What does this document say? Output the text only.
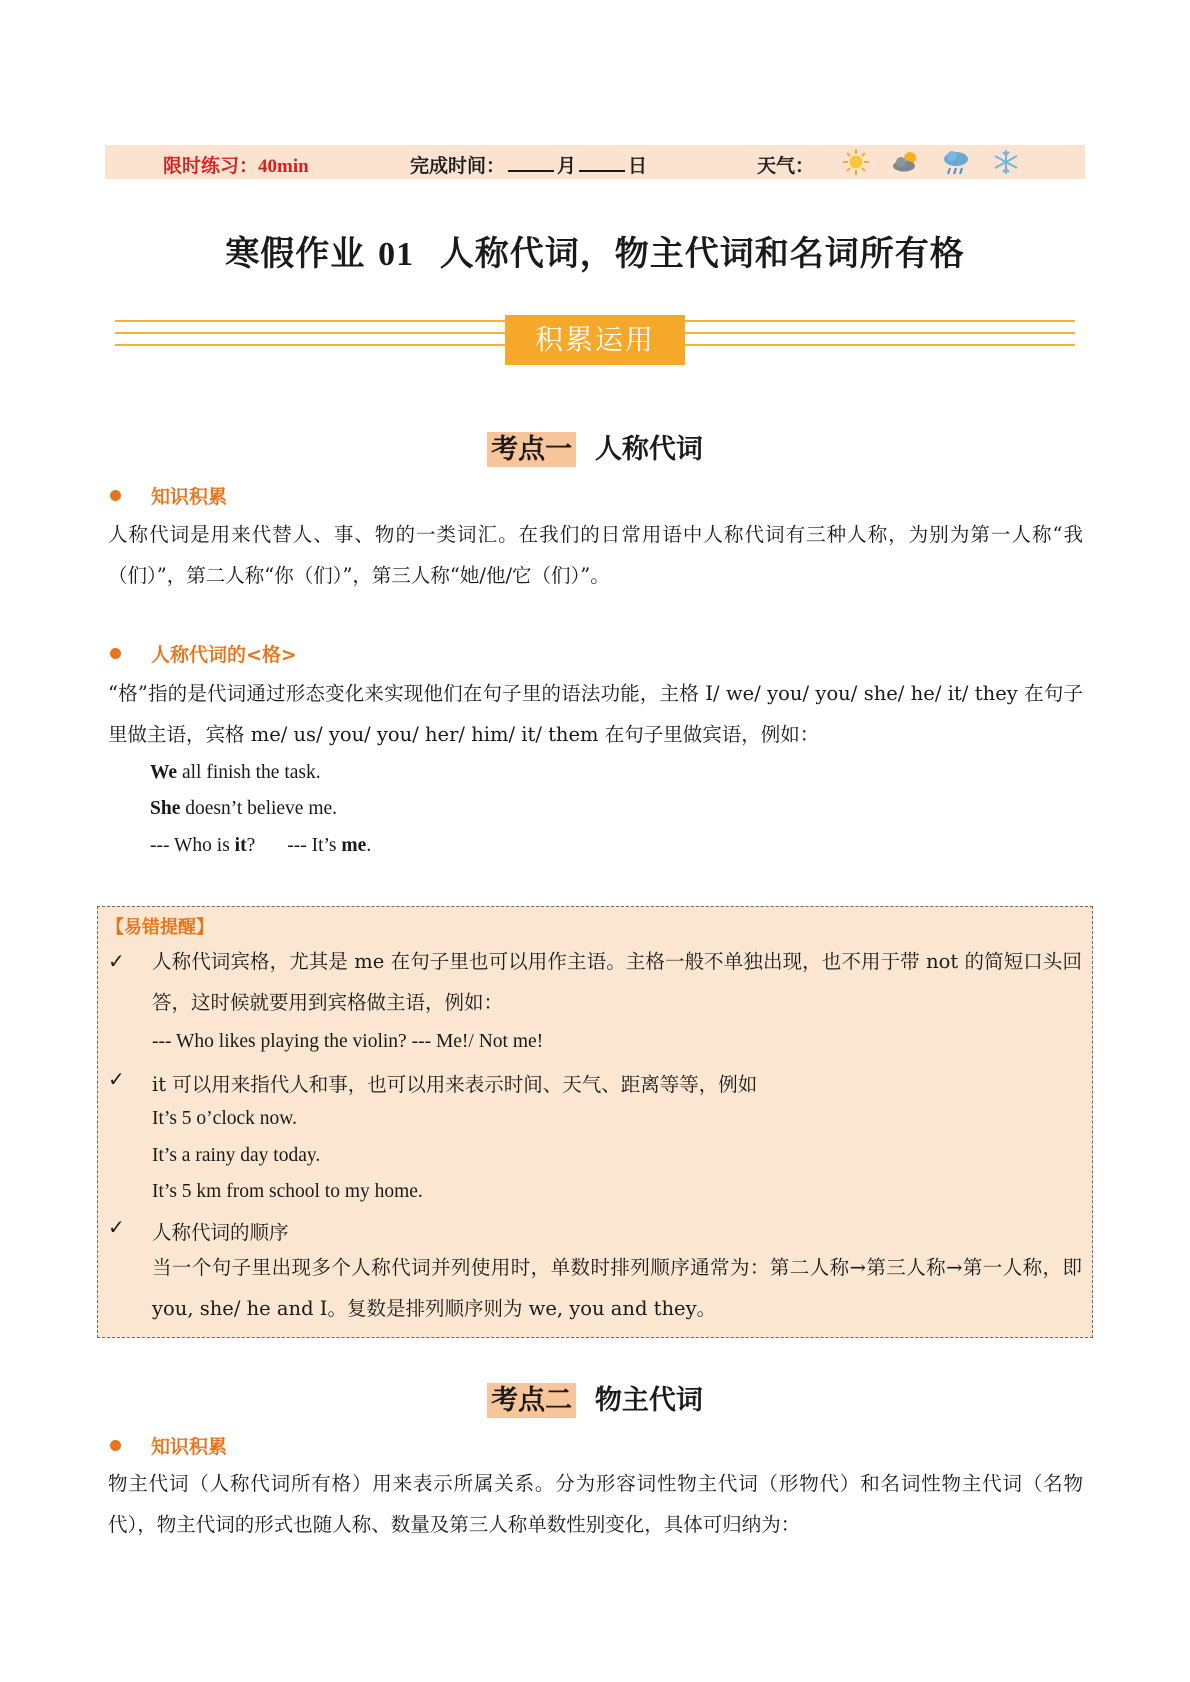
限时练习：40min	完成时间：	月	日	天气：
寒假作业 01 人称代词，物主代词和名词所有格
积累运用
考点一 人称代词
知识积累
人称代词是用来代替人、事、物的一类词汇。在我们的日常用语中人称代词有三种人称，为别为第一人称“我（们）”，第二人称“你（们）”，第三人称“她/他/它（们）”。
人称代词的<格>
“格”指的是代词通过形态变化来实现他们在句子里的语法功能，主格 I/ we/ you/ you/ she/ he/ it/ they 在句子里做主语，宾格 me/ us/ you/ you/ her/ him/ it/ them 在句子里做宾语，例如：
We all finish the task.
She doesn’t believe me.
--- Who is it? --- It’s me.
【易错提醒】
✓ 人称代词宾格，尤其是 me 在句子里也可以用作主语。主格一般不单独出现，也不用于带 not 的简短口头回答，这时候就要用到宾格做主语，例如：
--- Who likes playing the violin? --- Me!/ Not me!
✓ it 可以用来指代人和事，也可以用来表示时间、天气、距离等等，例如
It’s 5 o’clock now.
It’s a rainy day today.
It’s 5 km from school to my home.
✓ 人称代词的顺序
当一个句子里出现多个人称代词并列使用时，单数时排列顺序通常为：第二人称→第三人称→第一人称，即 you, she/ he and I。复数是排列顺序则为 we, you and they。
考点二 物主代词
知识积累
物主代词（人称代词所有格）用来表示所属关系。分为形容词性物主代词（形物代）和名词性物主代词（名物代），物主代词的形式也随人称、数量及第三人称单数性别变化，具体可归纳为：
